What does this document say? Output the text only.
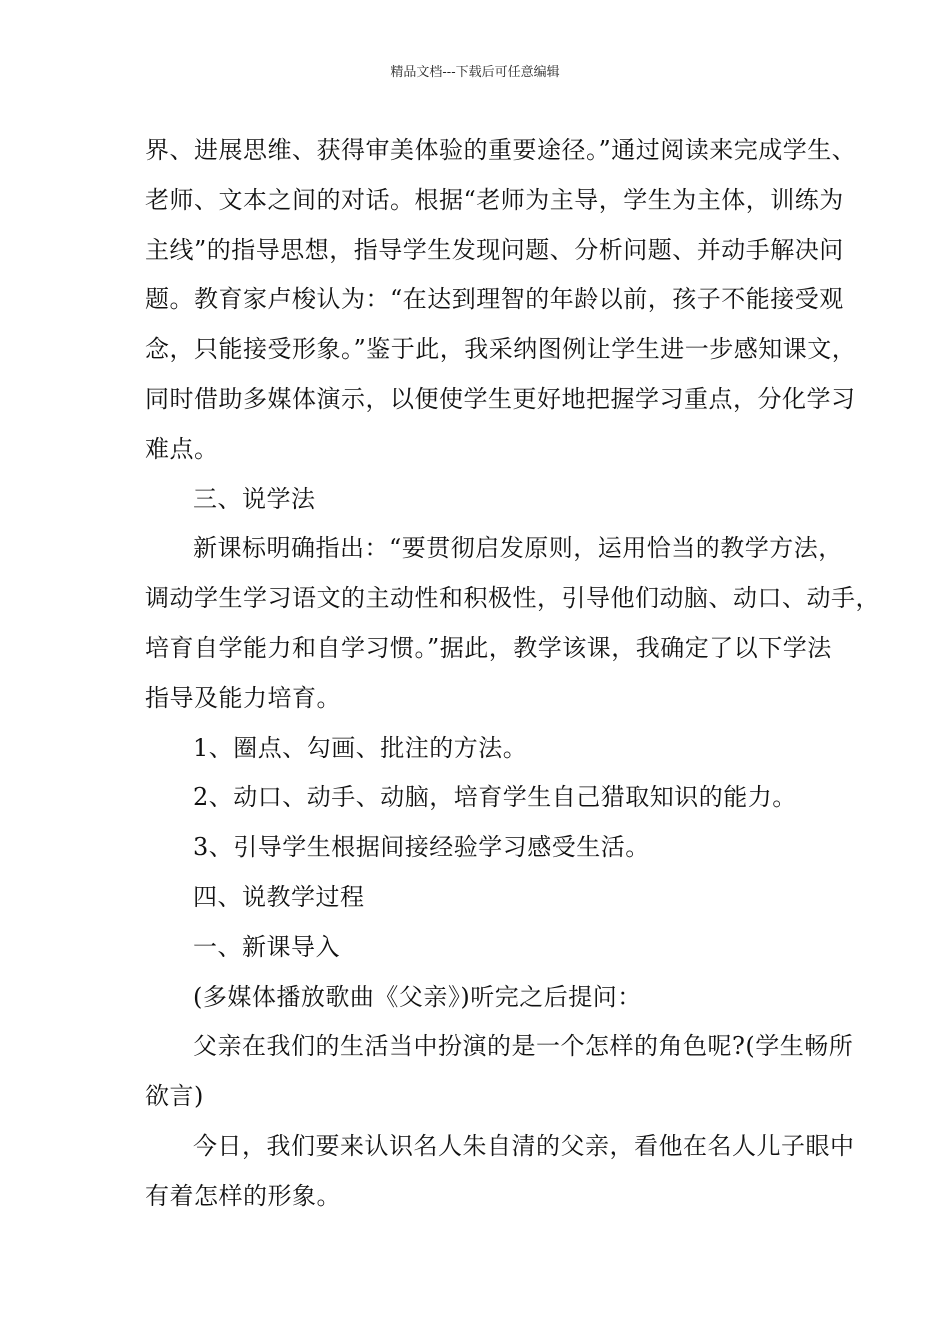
精品文档---下载后可任意编辑
界、进展思维、获得审美体验的重要途径。”通过阅读来完成学生、
老师、文本之间的对话。根据“老师为主导，学生为主体，训练为
主线”的指导思想，指导学生发现问题、分析问题、并动手解决问
题。教育家卢梭认为：“在达到理智的年龄以前，孩子不能接受观
念，只能接受形象。”鉴于此，我采纳图例让学生进一步感知课文，
同时借助多媒体演示，以便使学生更好地把握学习重点，分化学习
难点。
三、说学法
新课标明确指出：“要贯彻启发原则，运用恰当的教学方法，
调动学生学习语文的主动性和积极性，引导他们动脑、动口、动手，
培育自学能力和自学习惯。”据此，教学该课，我确定了以下学法
指导及能力培育。
1、圈点、勾画、批注的方法。
2、动口、动手、动脑，培育学生自己猎取知识的能力。
3、引导学生根据间接经验学习感受生活。
四、说教学过程
一、新课导入
(多媒体播放歌曲《父亲》)听完之后提问：
父亲在我们的生活当中扮演的是一个怎样的角色呢?(学生畅所
欲言)
今日，我们要来认识名人朱自清的父亲，看他在名人儿子眼中
有着怎样的形象。
